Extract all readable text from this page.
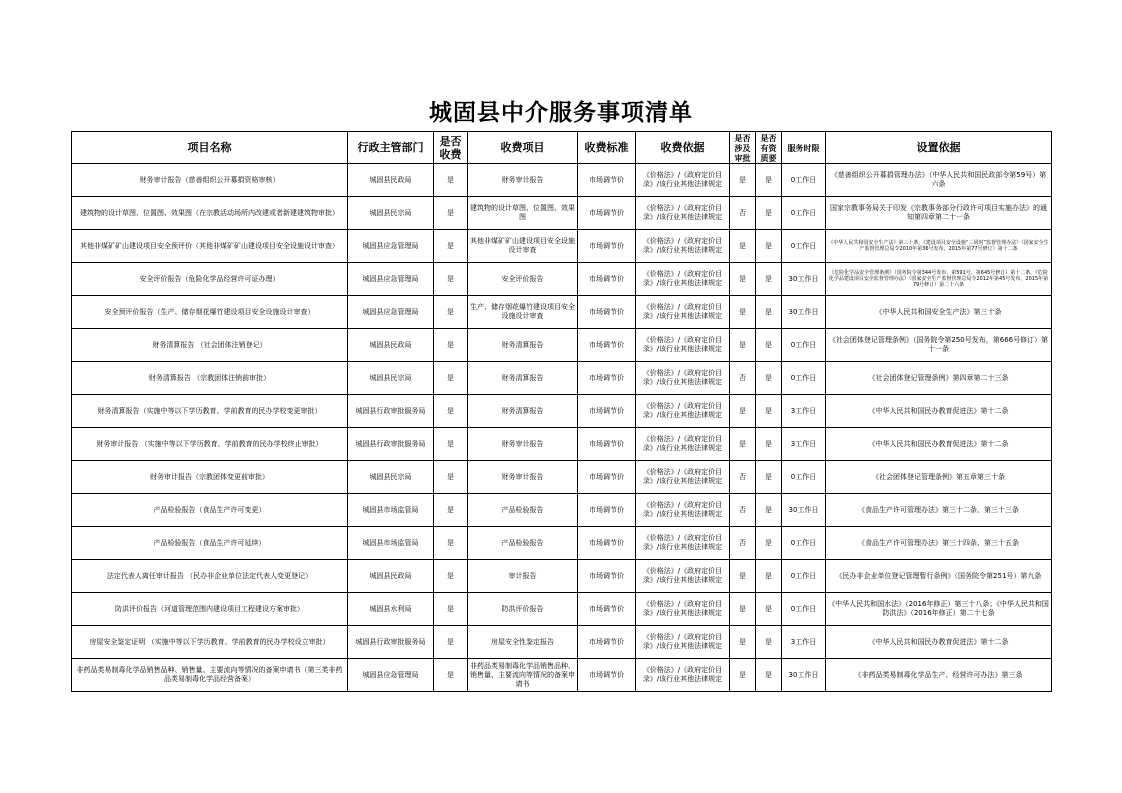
城固县中介服务事项清单
项目名称	行政主管部门	是否收费	收费项目	收费标准	收费依据	是否涉及审批	是否有资质要	服务时限	设置依据
财务审计报告（慈善组织公开募捐资格审核）	城固县民政局	是	财务审计报告	市场调节价	《价格法》/《政府定价目录》/该行业其他法律规定	是	是	0工作日	《慈善组织公开募捐管理办法》（中华人民共和国民政部令第59号）第六条
建筑物的设计草图、位置图、效果图（在宗教活动场所内改建或者新建建筑物审批）	城固县民宗局	是	建筑物的设计草图、位置图、效果图	市场调节价	《价格法》/《政府定价目录》/该行业其他法律规定	否	是	0工作日	国家宗教事务局关于印发《宗教事务部分行政许可项目实施办法》的通知第四章第二十一条
其他非煤矿矿山建设项目安全预评价（其他非煤矿矿山建设项目安全设施设计审查）	城固县应急管理局	是	其他非煤矿矿山建设项目安全设施设计审查	市场调节价	《价格法》/《政府定价目录》/该行业其他法律规定	是	是	0工作日	《中华人民共和国安全生产法》第三十条，《建设项目安全设施“三同时”监督管理办法》（国家安全生产监督管理总局令2010年第36号发布，2015年第77号修订）第十二条
安全评价报告（危险化学品经营许可证办理）	城固县应急管理局	是	安全评价报告	市场调节价	《价格法》/《政府定价目录》/该行业其他法律规定	是	是	30工作日	《危险化学品安全管理条例》（国务院令第344号发布，第591号、第645号修订）第十二条，《危险化学品建设项目安全监督管理办法》（国家安全生产监督管理总局令2012年第45号发布，2015年第79号修订）第二十六条
安全预评价报告（生产、储存烟花爆竹建设项目安全设施设计审查）	城固县应急管理局	是	生产、储存烟花爆竹建设项目安全设施设计审查	市场调节价	《价格法》/《政府定价目录》/该行业其他法律规定	是	是	30工作日	《中华人民共和国安全生产法》第三十条
财务清算报告 （社会团体注销登记）	城固县民政局	是	财务清算报告	市场调节价	《价格法》/《政府定价目录》/该行业其他法律规定	是	是	0工作日	《社会团体登记管理条例》（国务院令第250号发布，第666号修订）第十一条
财务清算报告 （宗教团体注销前审批）	城固县民宗局	是	财务清算报告	市场调节价	《价格法》/《政府定价目录》/该行业其他法律规定	否	是	0工作日	《社会团体登记管理条例》第四章第二十三条
财务清算报告（实施中等以下学历教育、学前教育的民办学校变更审批）	城固县行政审批服务局	是	财务清算报告	市场调节价	《价格法》/《政府定价目录》/该行业其他法律规定	是	是	3工作日	《中华人民共和国民办教育促进法》第十二条
财务审计报告 （实施中等以下学历教育、学前教育的民办学校终止审批）	城固县行政审批服务局	是	财务审计报告	市场调节价	《价格法》/《政府定价目录》/该行业其他法律规定	是	是	3工作日	《中华人民共和国民办教育促进法》第十二条
财务审计报告（宗教团体变更前审批）	城固县民宗局	是	财务审计报告	市场调节价	《价格法》/《政府定价目录》/该行业其他法律规定	否	是	0工作日	《社会团体登记管理条例》第五章第三十条
产品检验报告（食品生产许可变更）	城固县市场监管局	是	产品检验报告	市场调节价	《价格法》/《政府定价目录》/该行业其他法律规定	否	是	30工作日	《食品生产许可管理办法》第三十二条、第三十三条
产品检验报告（食品生产许可延续）	城固县市场监管局	是	产品检验报告	市场调节价	《价格法》/《政府定价目录》/该行业其他法律规定	否	是	0工作日	《食品生产许可管理办法》第三十四条、第三十五条
法定代表人离任审计报告 （民办非企业单位法定代表人变更登记）	城固县民政局	是	审计报告	市场调节价	《价格法》/《政府定价目录》/该行业其他法律规定	是	是	0工作日	《民办非企业单位登记管理暂行条例》（国务院令第251号）第九条
防洪评价报告（河道管理范围内建设项目工程建设方案审批）	城固县水利局	是	防洪评价报告	市场调节价	《价格法》/《政府定价目录》/该行业其他法律规定	是	是	0工作日	《中华人民共和国水法》（2016年修正）第三十八条；《中华人民共和国防洪法》（2016年修正）第二十七条
房屋安全鉴定证明 （实施中等以下学历教育、学前教育的民办学校设立审批）	城固县行政审批服务局	是	房屋安全性鉴定报告	市场调节价	《价格法》/《政府定价目录》/该行业其他法律规定	是	是	3工作日	《中华人民共和国民办教育促进法》第十二条
非药品类易制毒化学品销售品种、销售量、主要流向等情况的备案申请书（第三类非药品类易制毒化学品经营备案）	城固县应急管理局	是	非药品类易制毒化学品销售品种、销售量、主要流向等情况的备案申请书	市场调节价	《价格法》/《政府定价目录》/该行业其他法律规定	是	是	30工作日	《非药品类易制毒化学品生产、经营许可办法》第三条
